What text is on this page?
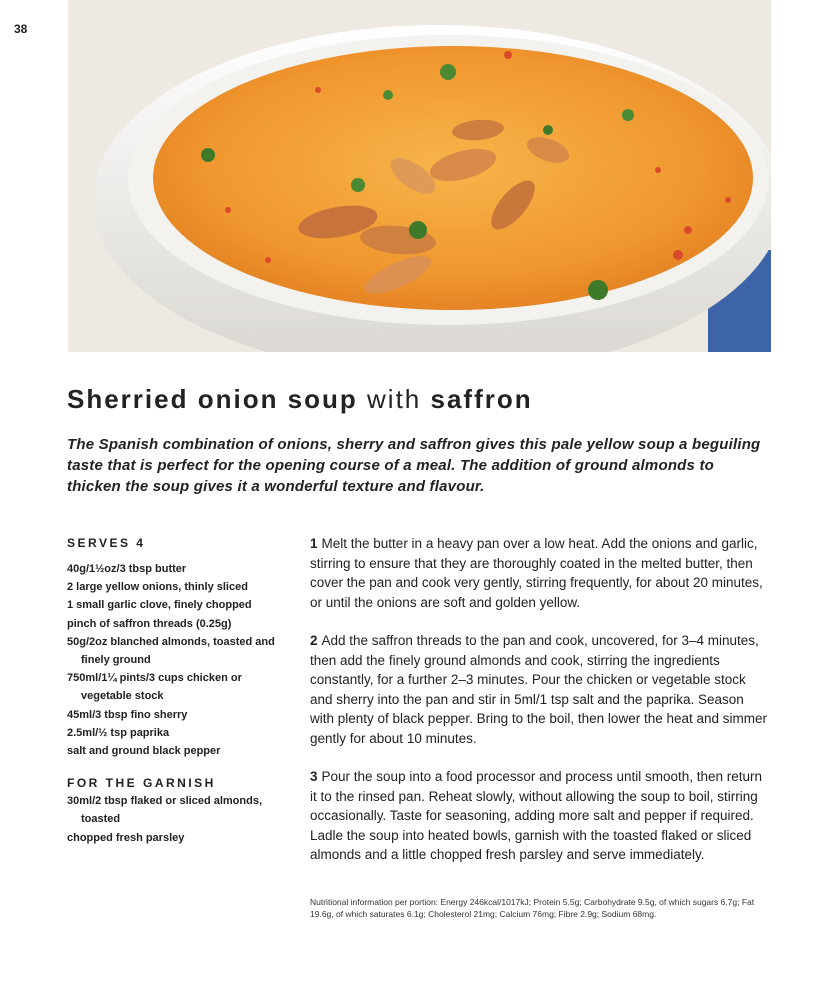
38
Sherried onion soup with saffron

The Spanish combination of onions, sherry and saffron gives this pale yellow soup a beguiling taste that is perfect for the opening course of a meal. The addition of ground almonds to thicken the soup gives it a wonderful texture and flavour.

SERVES 4
40g/1½oz/3 tbsp butter
2 large yellow onions, thinly sliced
1 small garlic clove, finely chopped
pinch of saffron threads (0.25g)
50g/2oz blanched almonds, toasted and finely ground
750ml/1¼ pints/3 cups chicken or vegetable stock
45ml/3 tbsp fino sherry
2.5ml/½ tsp paprika
salt and ground black pepper
FOR THE GARNISH
30ml/2 tbsp flaked or sliced almonds, toasted
chopped fresh parsley

1 Melt the butter in a heavy pan over a low heat. Add the onions and garlic, stirring to ensure that they are thoroughly coated in the melted butter, then cover the pan and cook very gently, stirring frequently, for about 20 minutes, or until the onions are soft and golden yellow.

2 Add the saffron threads to the pan and cook, uncovered, for 3–4 minutes, then add the finely ground almonds and cook, stirring the ingredients constantly, for a further 2–3 minutes. Pour the chicken or vegetable stock and sherry into the pan and stir in 5ml/1 tsp salt and the paprika. Season with plenty of black pepper. Bring to the boil, then lower the heat and simmer gently for about 10 minutes.

3 Pour the soup into a food processor and process until smooth, then return it to the rinsed pan. Reheat slowly, without allowing the soup to boil, stirring occasionally. Taste for seasoning, adding more salt and pepper if required. Ladle the soup into heated bowls, garnish with the toasted flaked or sliced almonds and a little chopped fresh parsley and serve immediately.

Nutritional information per portion: Energy 246kcal/1017kJ; Protein 5.5g; Carbohydrate 9.5g, of which sugars 6.7g; Fat 19.6g, of which saturates 6.1g; Cholesterol 21mg; Calcium 76mg; Fibre 2.9g; Sodium 68mg.
